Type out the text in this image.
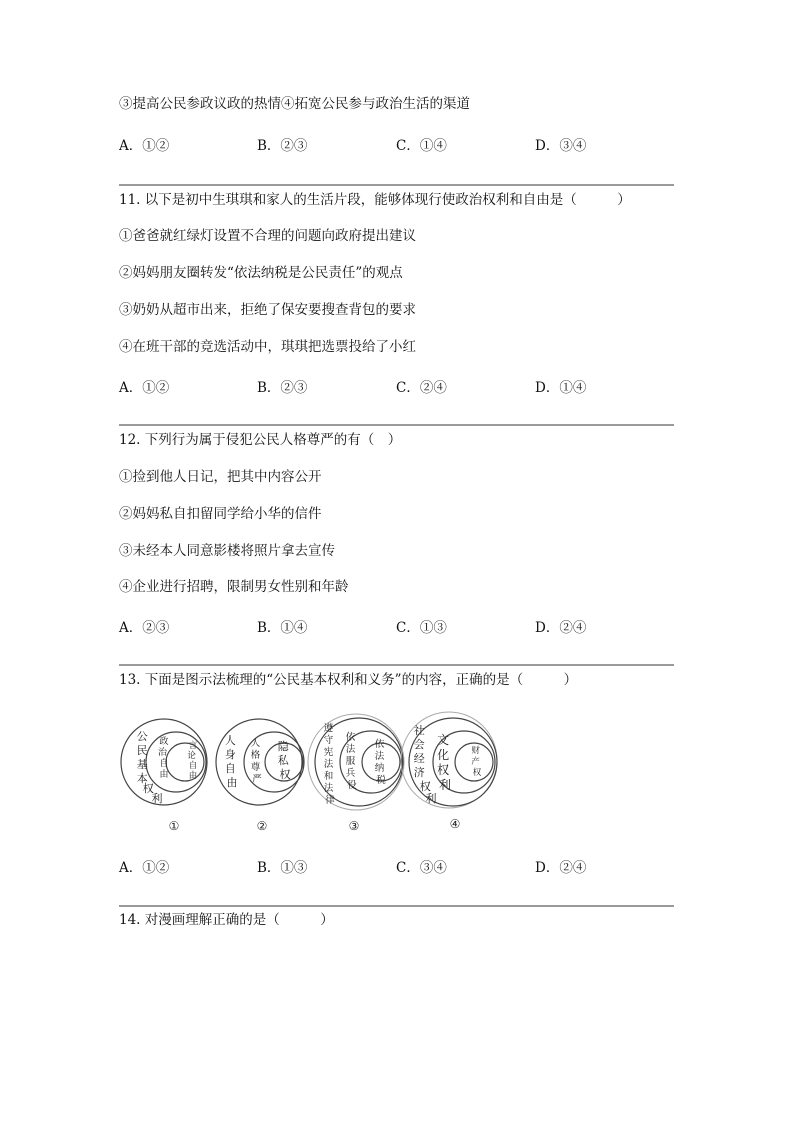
③提高公民参政议政的热情④拓宽公民参与政治生活的渠道
A．①②	B．②③	C．①④	D．③④
11. 以下是初中生琪琪和家人的生活片段，能够体现行使政治权利和自由是（　　　）
①爸爸就红绿灯设置不合理的问题向政府提出建议
②妈妈朋友圈转发“依法纳税是公民责任”的观点
③奶奶从超市出来，拒绝了保安要搜查背包的要求
④在班干部的竞选活动中，琪琪把选票投给了小红
A．①②	B．②③	C．②④	D．①④
12. 下列行为属于侵犯公民人格尊严的有（　）
①捡到他人日记，把其中内容公开
②妈妈私自扣留同学给小华的信件
③未经本人同意影楼将照片拿去宣传
④企业进行招聘，限制男女性别和年龄
A．②③	B．①④	C．①③	D．②④
13. 下面是图示法梳理的“公民基本权利和义务”的内容，正确的是（　　　）
公 民 基 本 权 利
政治 自由
言论 自由
①
人 身 自 由
人 格 尊 严
隐 私 权
②
遵 守 宪 法 和 法 律
依 法 服 兵 役
依 法 纳 税
③
社 会 经 济 权 利
文 化 权 利
财 产 权
④
A．①②	B．①③	C．③④	D．②④
14. 对漫画理解正确的是（　　　）
